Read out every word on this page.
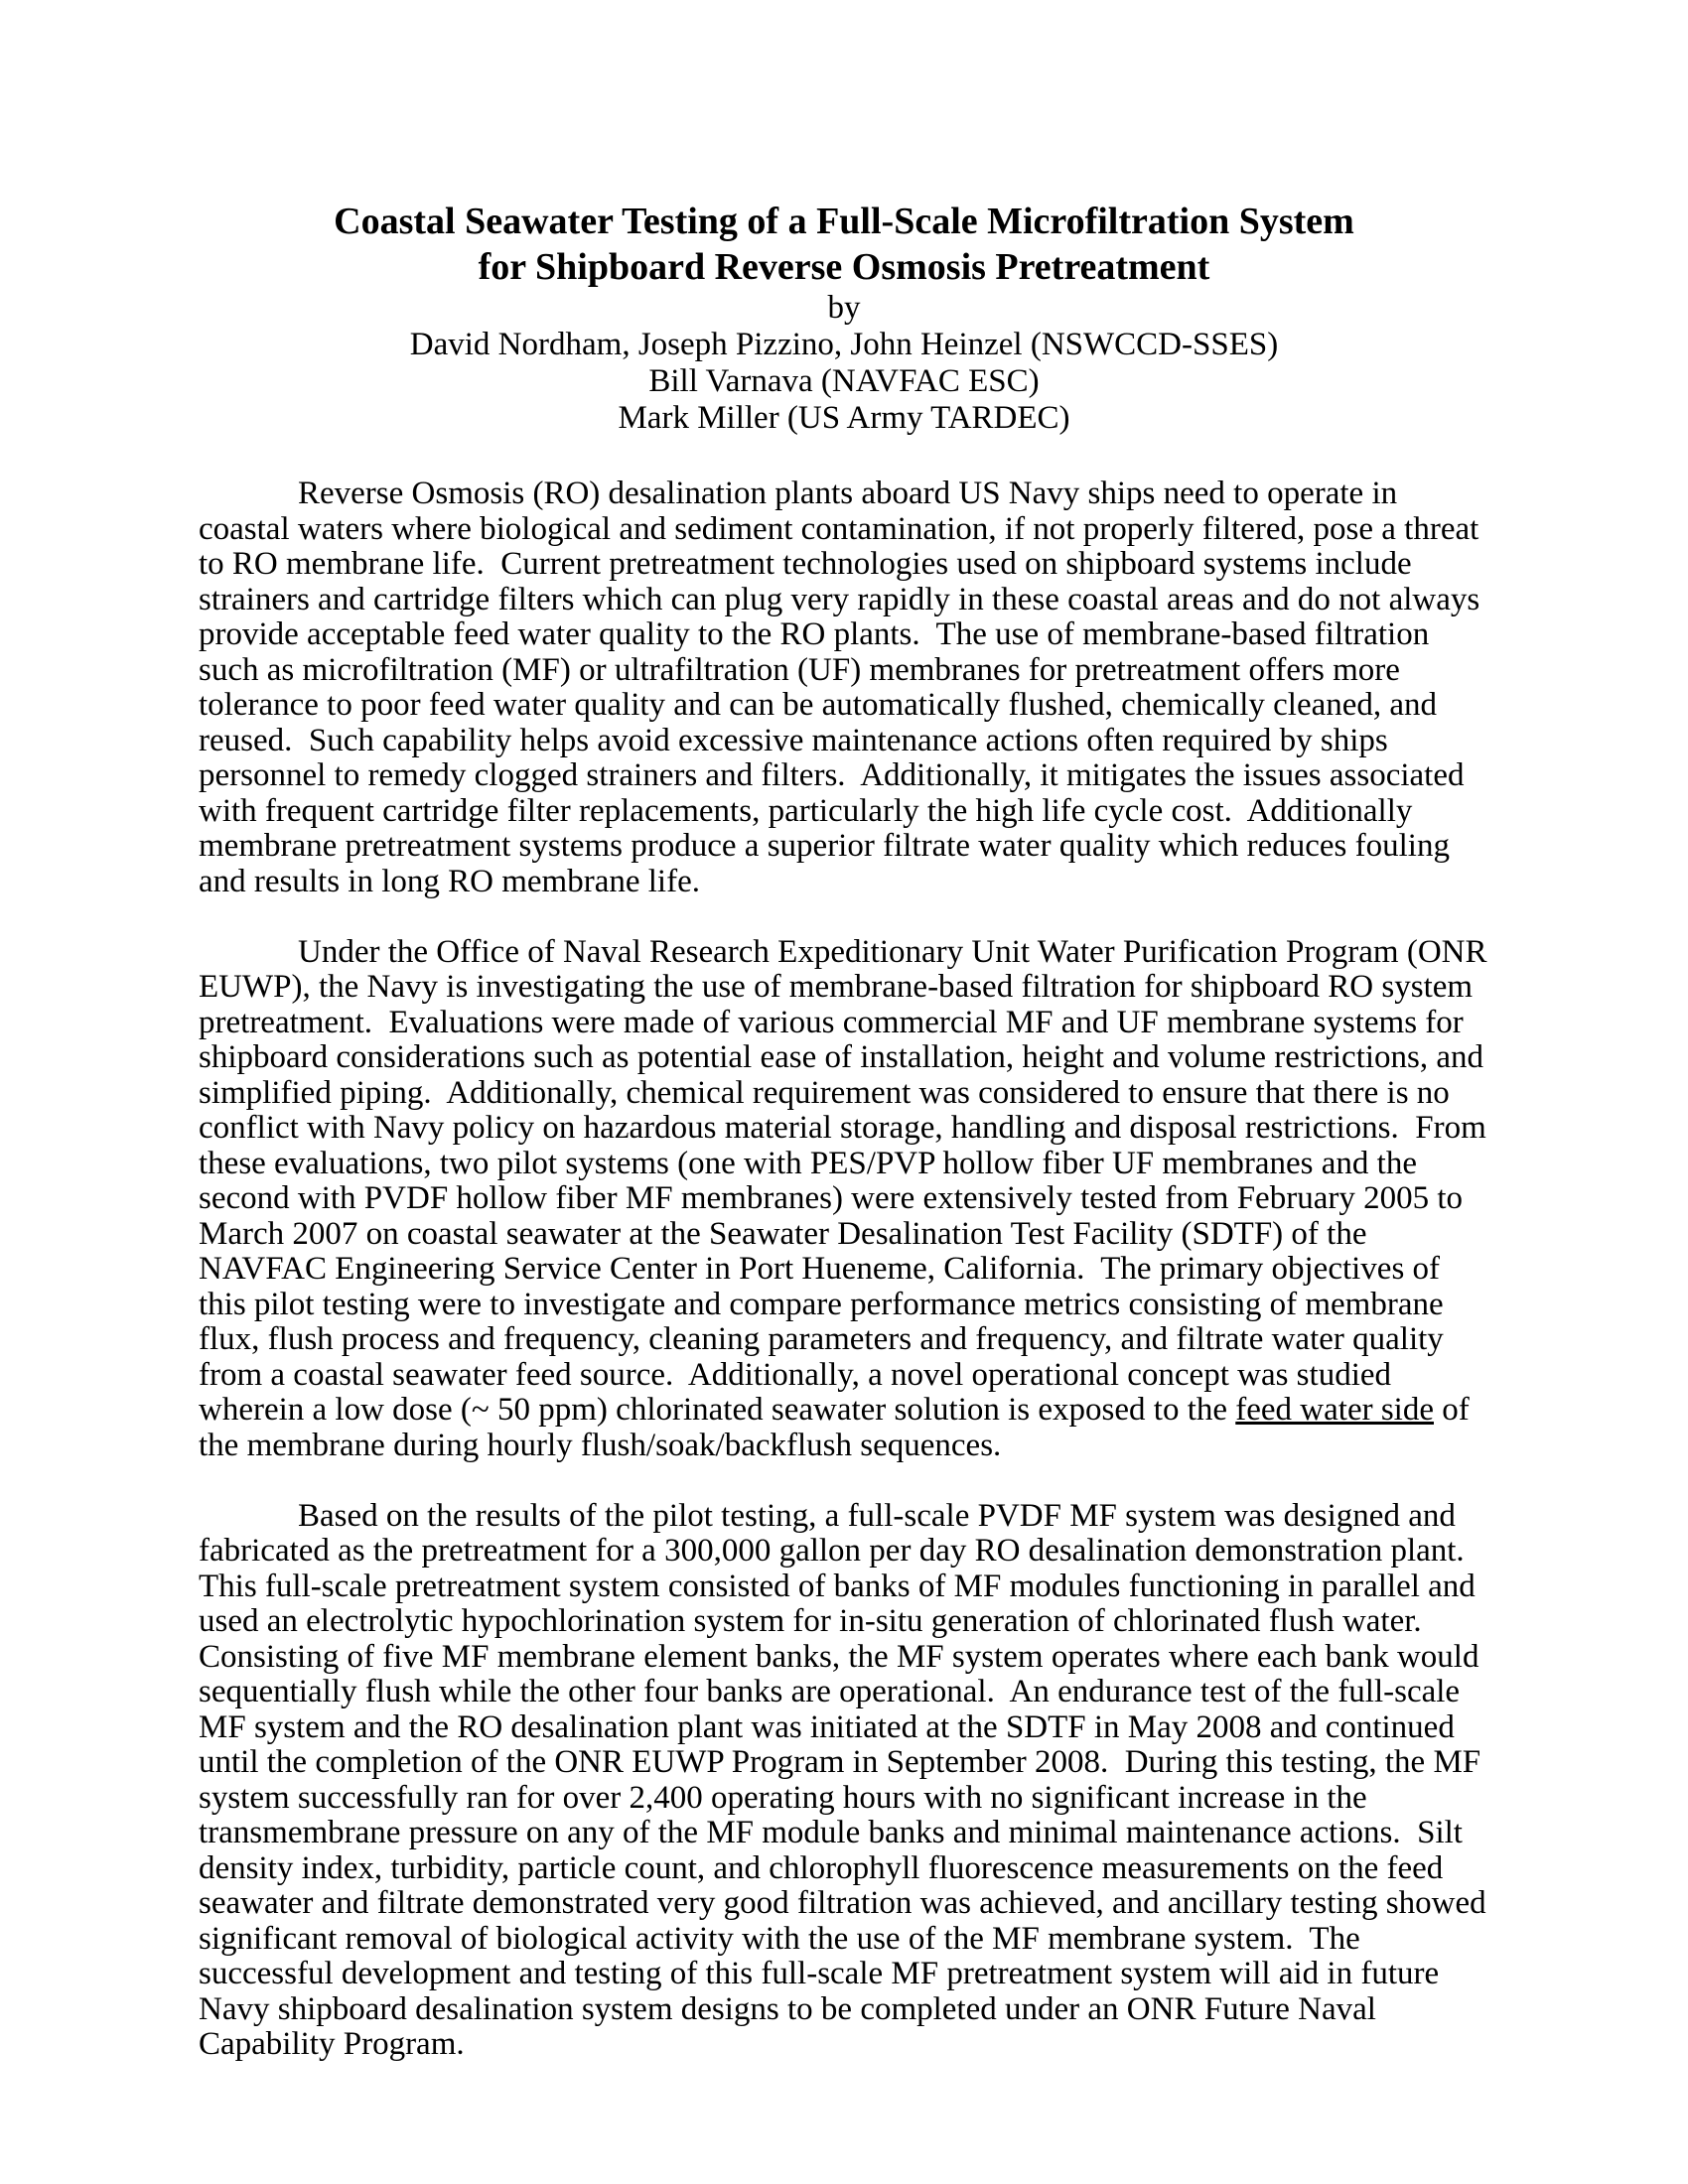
Coastal Seawater Testing of a Full-Scale Microfiltration System
for Shipboard Reverse Osmosis Pretreatment
by
David Nordham, Joseph Pizzino, John Heinzel (NSWCCD-SSES)
Bill Varnava (NAVFAC ESC)
Mark Miller (US Army TARDEC)

Reverse Osmosis (RO) desalination plants aboard US Navy ships need to operate in coastal waters where biological and sediment contamination, if not properly filtered, pose a threat to RO membrane life.  Current pretreatment technologies used on shipboard systems include strainers and cartridge filters which can plug very rapidly in these coastal areas and do not always provide acceptable feed water quality to the RO plants.  The use of membrane-based filtration such as microfiltration (MF) or ultrafiltration (UF) membranes for pretreatment offers more tolerance to poor feed water quality and can be automatically flushed, chemically cleaned, and reused.  Such capability helps avoid excessive maintenance actions often required by ships personnel to remedy clogged strainers and filters.  Additionally, it mitigates the issues associated with frequent cartridge filter replacements, particularly the high life cycle cost.  Additionally membrane pretreatment systems produce a superior filtrate water quality which reduces fouling and results in long RO membrane life.

Under the Office of Naval Research Expeditionary Unit Water Purification Program (ONR EUWP), the Navy is investigating the use of membrane-based filtration for shipboard RO system pretreatment.  Evaluations were made of various commercial MF and UF membrane systems for shipboard considerations such as potential ease of installation, height and volume restrictions, and simplified piping.  Additionally, chemical requirement was considered to ensure that there is no conflict with Navy policy on hazardous material storage, handling and disposal restrictions.  From these evaluations, two pilot systems (one with PES/PVP hollow fiber UF membranes and the second with PVDF hollow fiber MF membranes) were extensively tested from February 2005 to March 2007 on coastal seawater at the Seawater Desalination Test Facility (SDTF) of the NAVFAC Engineering Service Center in Port Hueneme, California.  The primary objectives of this pilot testing were to investigate and compare performance metrics consisting of membrane flux, flush process and frequency, cleaning parameters and frequency, and filtrate water quality from a coastal seawater feed source.  Additionally, a novel operational concept was studied wherein a low dose (~ 50 ppm) chlorinated seawater solution is exposed to the feed water side of the membrane during hourly flush/soak/backflush sequences.

Based on the results of the pilot testing, a full-scale PVDF MF system was designed and fabricated as the pretreatment for a 300,000 gallon per day RO desalination demonstration plant.  This full-scale pretreatment system consisted of banks of MF modules functioning in parallel and used an electrolytic hypochlorination system for in-situ generation of chlorinated flush water.  Consisting of five MF membrane element banks, the MF system operates where each bank would sequentially flush while the other four banks are operational.  An endurance test of the full-scale MF system and the RO desalination plant was initiated at the SDTF in May 2008 and continued until the completion of the ONR EUWP Program in September 2008.  During this testing, the MF system successfully ran for over 2,400 operating hours with no significant increase in the transmembrane pressure on any of the MF module banks and minimal maintenance actions.  Silt density index, turbidity, particle count, and chlorophyll fluorescence measurements on the feed seawater and filtrate demonstrated very good filtration was achieved, and ancillary testing showed significant removal of biological activity with the use of the MF membrane system.  The successful development and testing of this full-scale MF pretreatment system will aid in future Navy shipboard desalination system designs to be completed under an ONR Future Naval Capability Program.
